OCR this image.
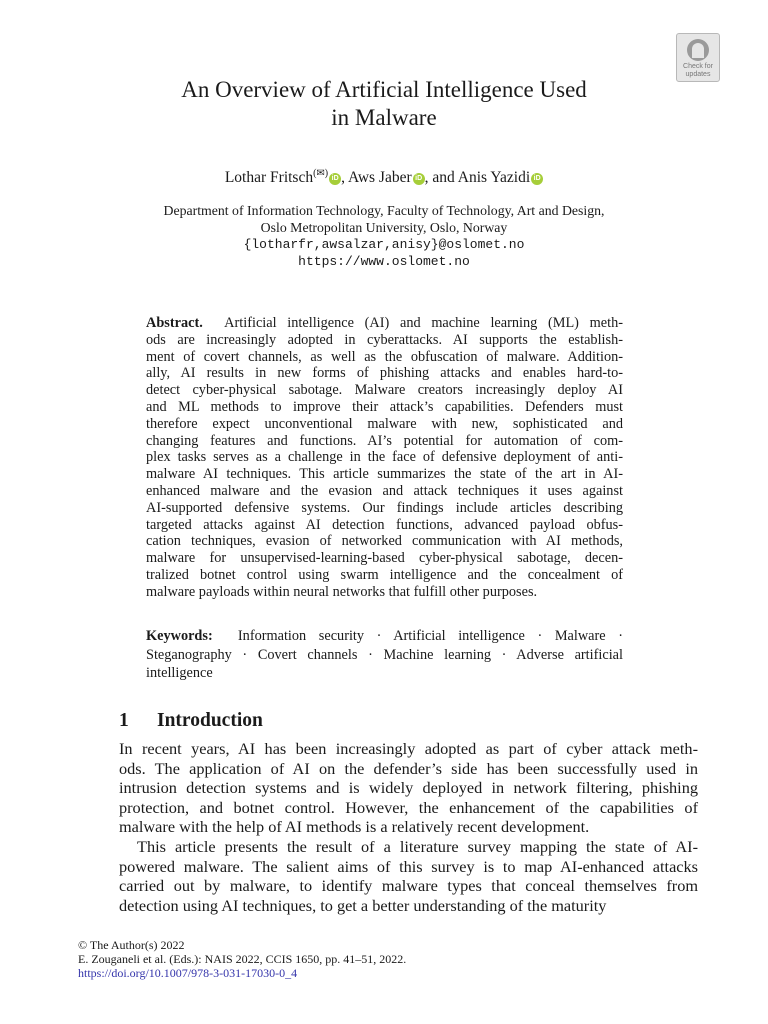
Check for updates
An Overview of Artificial Intelligence Used
in Malware
Lothar Fritsch(✉) iD , Aws Jaber iD , and Anis Yazidi iD
Department of Information Technology, Faculty of Technology, Art and Design,
Oslo Metropolitan University, Oslo, Norway
{lotharfr,awsalzar,anisy}@oslomet.no
https://www.oslomet.no
Abstract.  Artificial intelligence (AI) and machine learning (ML) meth-
ods are increasingly adopted in cyberattacks. AI supports the establish-
ment of covert channels, as well as the obfuscation of malware. Addition-
ally, AI results in new forms of phishing attacks and enables hard-to-
detect cyber-physical sabotage. Malware creators increasingly deploy AI
and ML methods to improve their attack’s capabilities. Defenders must
therefore expect unconventional malware with new, sophisticated and
changing features and functions. AI’s potential for automation of com-
plex tasks serves as a challenge in the face of defensive deployment of anti-
malware AI techniques. This article summarizes the state of the art in AI-
enhanced malware and the evasion and attack techniques it uses against
AI-supported defensive systems. Our findings include articles describing
targeted attacks against AI detection functions, advanced payload obfus-
cation techniques, evasion of networked communication with AI methods,
malware for unsupervised-learning-based cyber-physical sabotage, decen-
tralized botnet control using swarm intelligence and the concealment of
malware payloads within neural networks that fulfill other purposes.
Keywords:  Information security · Artificial intelligence · Malware ·
Steganography · Covert channels · Machine learning · Adverse artificial
intelligence
1 Introduction
In recent years, AI has been increasingly adopted as part of cyber attack meth-
ods. The application of AI on the defender’s side has been successfully used in
intrusion detection systems and is widely deployed in network filtering, phishing
protection, and botnet control. However, the enhancement of the capabilities of
malware with the help of AI methods is a relatively recent development.
This article presents the result of a literature survey mapping the state of AI-
powered malware. The salient aims of this survey is to map AI-enhanced attacks
carried out by malware, to identify malware types that conceal themselves from
detection using AI techniques, to get a better understanding of the maturity
© The Author(s) 2022
E. Zouganeli et al. (Eds.): NAIS 2022, CCIS 1650, pp. 41–51, 2022.
https://doi.org/10.1007/978-3-031-17030-0_4
